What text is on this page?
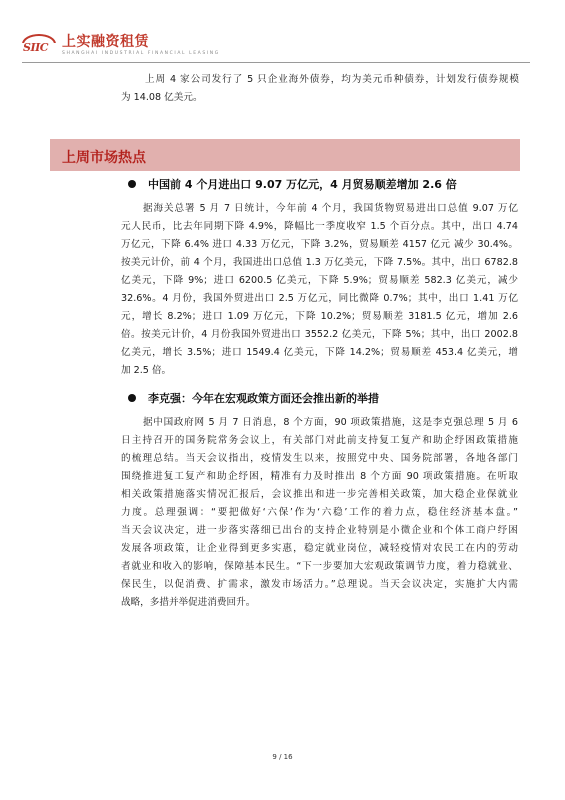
SIIC 上实融资租赁
SHANGHAI INDUSTRIAL FINANCIAL LEASING
上周 4 家公司发行了 5 只企业海外债券，均为美元币种债券，计划发行债券规模
为 14.08 亿美元。
上周市场热点
中国前 4 个月进出口 9.07 万亿元，4 月贸易顺差增加 2.6 倍
据海关总署 5 月 7 日统计，今年前 4 个月，我国货物贸易进出口总值 9.07 万亿
元人民币，比去年同期下降 4.9%，降幅比一季度收窄 1.5 个百分点。其中，出口 4.74
万亿元，下降 6.4% 进口 4.33 万亿元，下降 3.2%，贸易顺差 4157 亿元 减少 30.4%。
按美元计价，前 4 个月，我国进出口总值 1.3 万亿美元，下降 7.5%。其中，出口 6782.8
亿美元，下降 9%；进口 6200.5 亿美元，下降 5.9%；贸易顺差 582.3 亿美元，减少
32.6%。4 月份，我国外贸进出口 2.5 万亿元，同比微降 0.7%；其中，出口 1.41 万亿
元，增长 8.2%；进口 1.09 万亿元，下降 10.2%；贸易顺差 3181.5 亿元，增加 2.6
倍。按美元计价，4 月份我国外贸进出口 3552.2 亿美元，下降 5%；其中，出口 2002.8
亿美元，增长 3.5%；进口 1549.4 亿美元，下降 14.2%；贸易顺差 453.4 亿美元，增
加 2.5 倍。
李克强：今年在宏观政策方面还会推出新的举措
据中国政府网 5 月 7 日消息，8 个方面，90 项政策措施，这是李克强总理 5 月 6
日主持召开的国务院常务会议上，有关部门对此前支持复工复产和助企纾困政策措施
的梳理总结。当天会议指出，疫情发生以来，按照党中央、国务院部署，各地各部门
围绕推进复工复产和助企纾困，精准有力及时推出 8 个方面 90 项政策措施。在听取
相关政策措施落实情况汇报后，会议推出和进一步完善相关政策，加大稳企业保就业
力度。总理强调：“要把做好‘六保’作为‘六稳’工作的着力点，稳住经济基本盘。”
当天会议决定，进一步落实落细已出台的支持企业特别是小微企业和个体工商户纾困
发展各项政策，让企业得到更多实惠，稳定就业岗位，减轻疫情对农民工在内的劳动
者就业和收入的影响，保障基本民生。“下一步要加大宏观政策调节力度，着力稳就业、
保民生，以促消费、扩需求，激发市场活力。”总理说。当天会议决定，实施扩大内需
战略，多措并举促进消费回升。
9 / 16
